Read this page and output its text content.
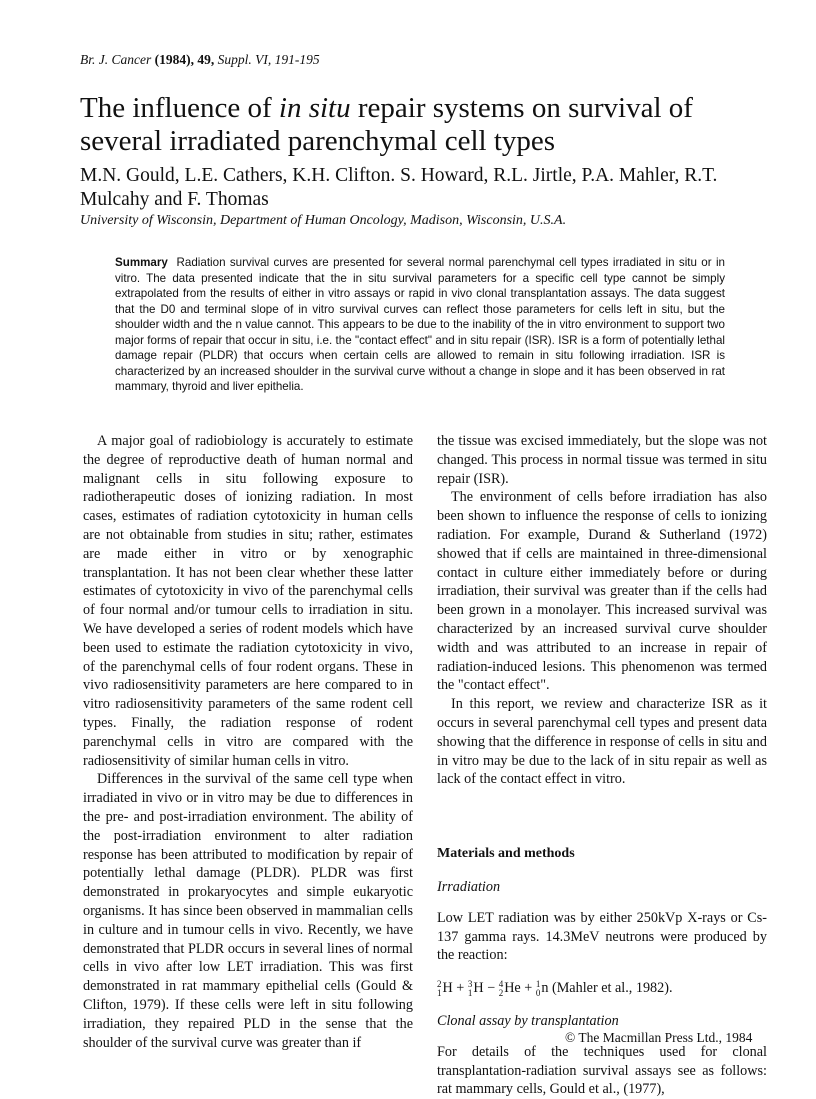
Br. J. Cancer (1984), 49, Suppl. VI, 191-195
The influence of in situ repair systems on survival of several irradiated parenchymal cell types
M.N. Gould, L.E. Cathers, K.H. Clifton. S. Howard, R.L. Jirtle, P.A. Mahler, R.T. Mulcahy and F. Thomas
University of Wisconsin, Department of Human Oncology, Madison, Wisconsin, U.S.A.
Summary Radiation survival curves are presented for several normal parenchymal cell types irradiated in situ or in vitro. The data presented indicate that the in situ survival parameters for a specific cell type cannot be simply extrapolated from the results of either in vitro assays or rapid in vivo clonal transplantation assays. The data suggest that the D0 and terminal slope of in vitro survival curves can reflect those parameters for cells left in situ, but the shoulder width and the n value cannot. This appears to be due to the inability of the in vitro environment to support two major forms of repair that occur in situ, i.e. the "contact effect" and in situ repair (ISR). ISR is a form of potentially lethal damage repair (PLDR) that occurs when certain cells are allowed to remain in situ following irradiation. ISR is characterized by an increased shoulder in the survival curve without a change in slope and it has been observed in rat mammary, thyroid and liver epithelia.

A major goal of radiobiology is accurately to estimate the degree of reproductive death of human normal and malignant cells in situ following exposure to radiotherapeutic doses of ionizing radiation. In most cases, estimates of radiation cytotoxicity in human cells are not obtainable from studies in situ; rather, estimates are made either in vitro or by xenographic transplantation. It has not been clear whether these latter estimates of cytotoxicity in vivo of the parenchymal cells of four normal and/or tumour cells to irradiation in situ. We have developed a series of rodent models which have been used to estimate the radiation cytotoxicity in vivo, of the parenchymal cells of four rodent organs. These in vivo radiosensitivity parameters are here compared to in vitro radiosensitivity parameters of the same rodent cell types. Finally, the radiation response of rodent parenchymal cells in vitro are compared with the radiosensitivity of similar human cells in vitro.

Differences in the survival of the same cell type when irradiated in vivo or in vitro may be due to differences in the pre- and post-irradiation environment. The ability of the post-irradiation environment to alter radiation response has been attributed to modification by repair of potentially lethal damage (PLDR). PLDR was first demonstrated in prokaryocytes and simple eukaryotic organisms. It has since been observed in mammalian cells in culture and in tumour cells in vivo. Recently, we have demonstrated that PLDR occurs in several lines of normal cells in vivo after low LET irradiation. This was first demonstrated in rat mammary epithelial cells (Gould & Clifton, 1979). If these cells were left in situ following irradiation, they repaired PLD in the sense that the shoulder of the survival curve was greater than if

the tissue was excised immediately, but the slope was not changed. This process in normal tissue was termed in situ repair (ISR).

The environment of cells before irradiation has also been shown to influence the response of cells to ionizing radiation. For example, Durand & Sutherland (1972) showed that if cells are maintained in three-dimensional contact in culture either immediately before or during irradiation, their survival was greater than if the cells had been grown in a monolayer. This increased survival was characterized by an increased survival curve shoulder width and was attributed to an increase in repair of radiation-induced lesions. This phenomenon was termed the "contact effect".

In this report, we review and characterize ISR as it occurs in several parenchymal cell types and present data showing that the difference in response of cells in situ and in vitro may be due to the lack of in situ repair as well as lack of the contact effect in vitro.

Materials and methods
Irradiation

Low LET radiation was by either 250kVp X-rays or Cs-137 gamma rays. 14.3MeV neutrons were produced by the reaction:

2
1H + 3
1H − 4
2He + 1
0n (Mahler et al., 1982).
Clonal assay by transplantation

For details of the techniques used for clonal transplantation-radiation survival assays see as follows: rat mammary cells, Gould et al., (1977),

© The Macmillan Press Ltd., 1984
